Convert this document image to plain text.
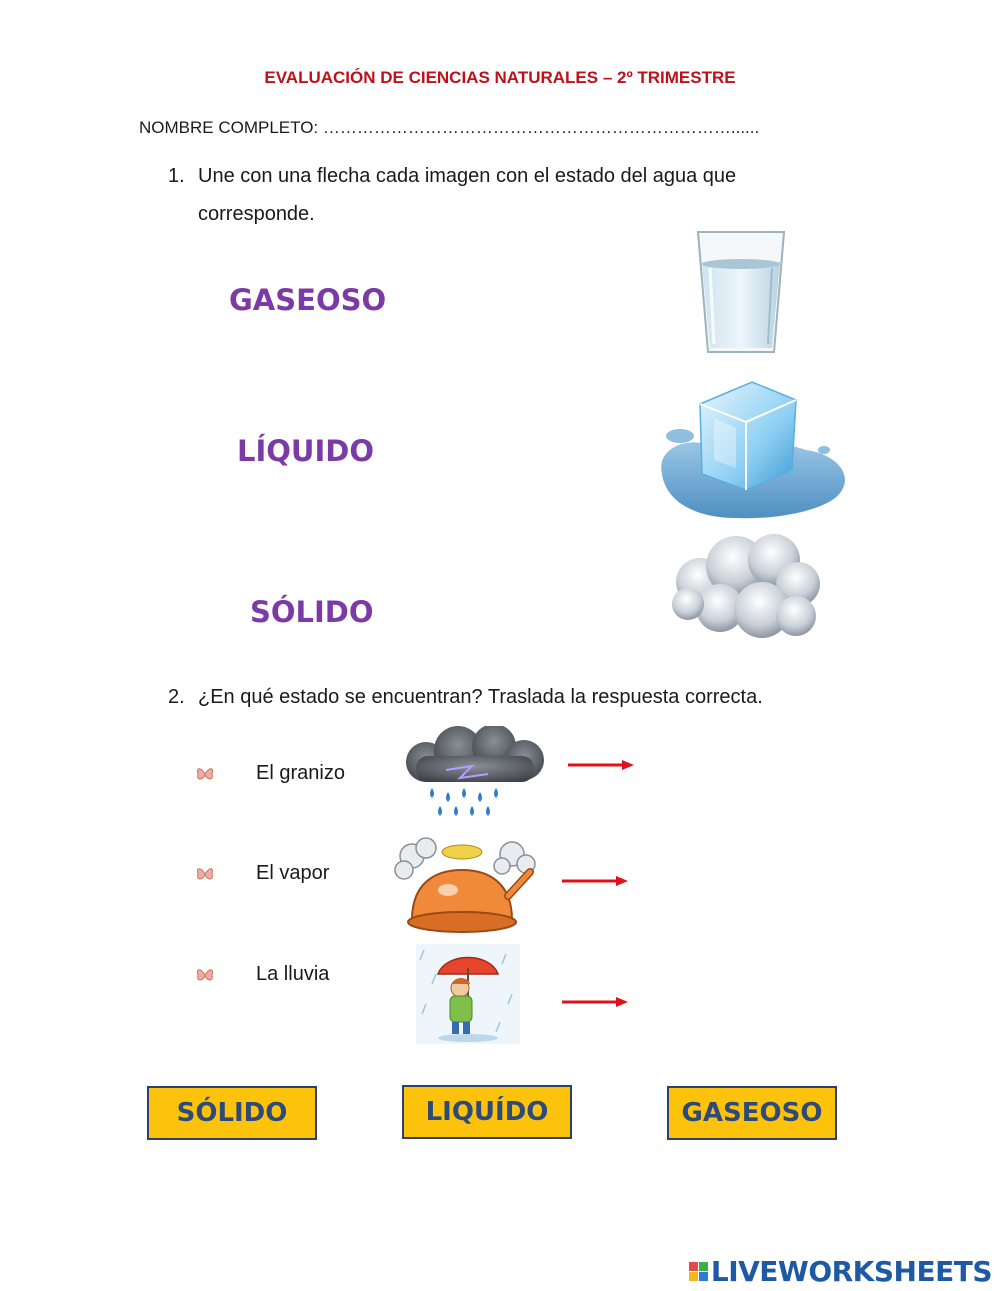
EVALUACIÓN DE CIENCIAS NATURALES – 2º TRIMESTRE
NOMBRE COMPLETO: ………………………………………………………………......
1. Une con una flecha cada imagen con el estado del agua que
corresponde.
GASEOSO
LÍQUIDO
SÓLIDO
2. ¿En qué estado se encuentran? Traslada la respuesta correcta.
El granizo
El vapor
La lluvia
SÓLIDO	LIQUÍDO	GASEOSO
LIVEWORKSHEETS
